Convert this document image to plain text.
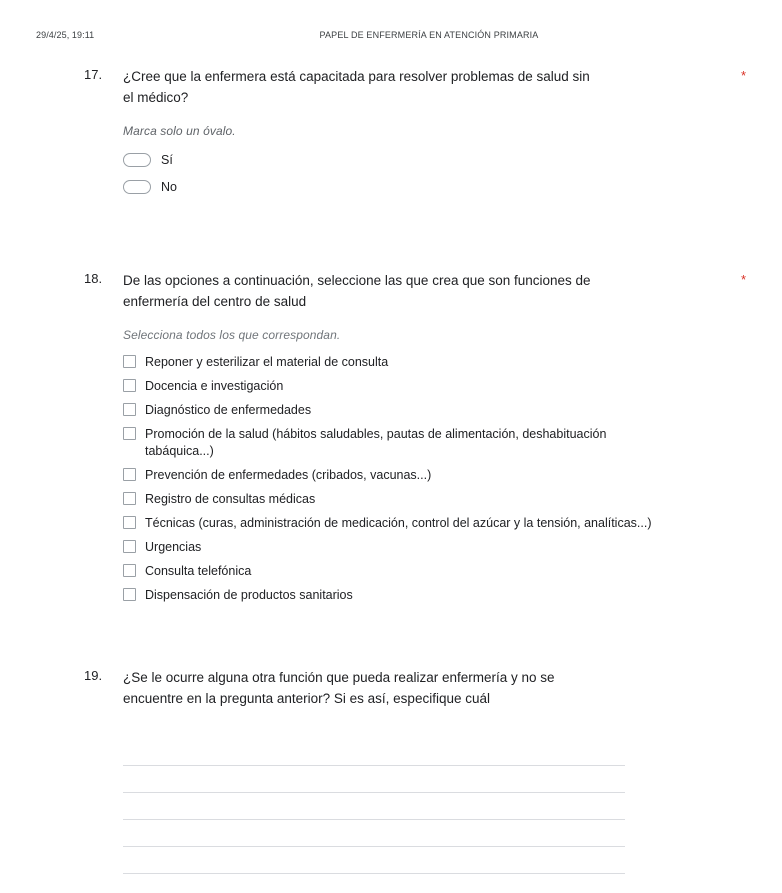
29/4/25, 19:11	PAPEL DE ENFERMERÍA EN ATENCIÓN PRIMARIA
17.	¿Cree que la enfermera está capacitada para resolver problemas de salud sin el médico?
*
Marca solo un óvalo.
Sí
No
18.	De las opciones a continuación, seleccione las que crea que son funciones de enfermería del centro de salud
*
Selecciona todos los que correspondan.
Reponer y esterilizar el material de consulta
Docencia e investigación
Diagnóstico de enfermedades
Promoción de la salud (hábitos saludables, pautas de alimentación, deshabituación tabáquica...)
Prevención de enfermedades (cribados, vacunas...)
Registro de consultas médicas
Técnicas (curas, administración de medicación, control del azúcar y la tensión, analíticas...)
Urgencias
Consulta telefónica
Dispensación de productos sanitarios
19.	¿Se le ocurre alguna otra función que pueda realizar enfermería y no se encuentre en la pregunta anterior? Si es así, especifique cuál
